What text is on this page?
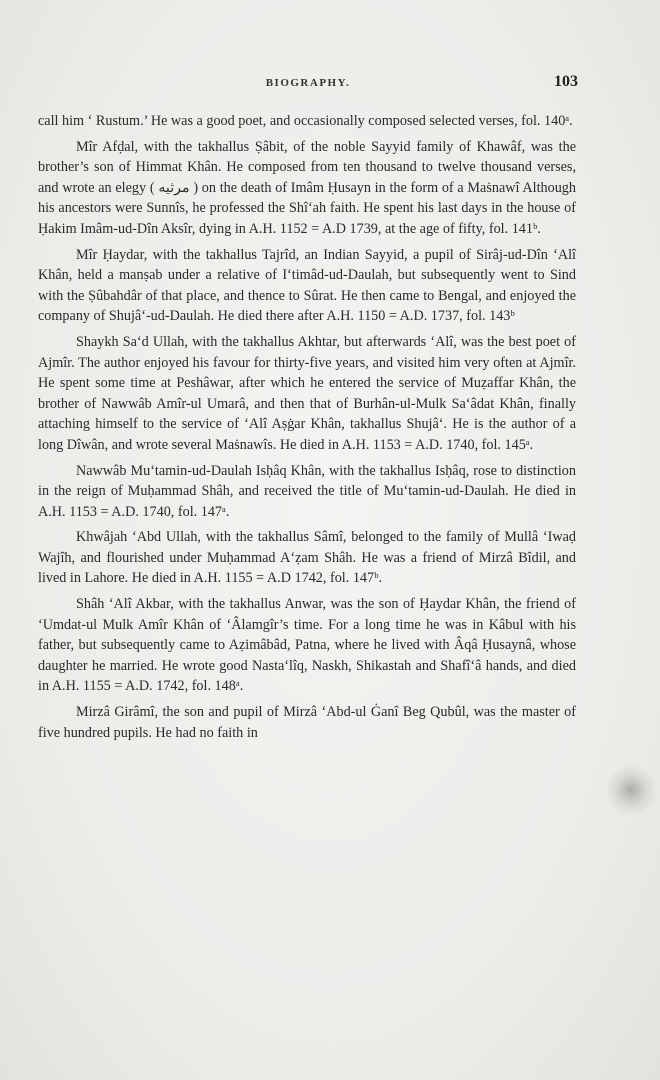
BIOGRAPHY.	103

call him ‘ Rustum.’ He was a good poet, and occasionally composed selected verses, fol. 140ᵃ.

Mîr Afḍal, with the takhallus Ṣâbit, of the noble Sayyid family of Khawâf, was the brother’s son of Himmat Khân. He composed from ten thousand to twelve thousand verses, and wrote an elegy ( مرثيه ) on the death of Imâm Ḥusayn in the form of a Maṡnawî Although his ancestors were Sunnîs, he professed the Shî‘ah faith. He spent his last days in the house of Ḥakim Imâm-ud-Dîn Aksîr, dying in A.H. 1152 = A.D 1739, at the age of fifty, fol. 141ᵇ.

Mîr Ḥaydar, with the takhallus Tajrîd, an Indian Sayyid, a pupil of Sirâj-ud-Dîn ‘Alî Khân, held a manṣab under a relative of I‘timâd-ud-Daulah, but subsequently went to Sind with the Ṣûbahdâr of that place, and thence to Sûrat. He then came to Bengal, and enjoyed the company of Shujâ‘-ud-Daulah. He died there after A.H. 1150 = A.D. 1737, fol. 143ᵇ

Shaykh Sa‘d Ullah, with the takhallus Akhtar, but afterwards ‘Alî, was the best poet of Ajmîr. The author enjoyed his favour for thirty-five years, and visited him very often at Ajmîr. He spent some time at Peshâwar, after which he entered the service of Muẓaffar Khân, the brother of Nawwâb Amîr-ul Umarâ, and then that of Burhân-ul-Mulk Sa‘âdat Khân, finally attaching himself to the service of ‘Alî Aṣġar Khân, takhallus Shujâ‘. He is the author of a long Dîwân, and wrote several Maṡnawîs. He died in A.H. 1153 = A.D. 1740, fol. 145ᵃ.

Nawwâb Mu‘tamin-ud-Daulah Isḥâq Khân, with the takhallus Isḥâq, rose to distinction in the reign of Muḥammad Shâh, and received the title of Mu‘tamin-ud-Daulah. He died in A.H. 1153 = A.D. 1740, fol. 147ᵃ.

Khwâjah ‘Abd Ullah, with the takhallus Sâmî, belonged to the family of Mullâ ‘Iwaḍ Wajîh, and flourished under Muḥammad A‘ẓam Shâh. He was a friend of Mirzâ Bîdil, and lived in Lahore. He died in A.H. 1155 = A.D 1742, fol. 147ᵇ.

Shâh ‘Alî Akbar, with the takhallus Anwar, was the son of Ḥaydar Khân, the friend of ‘Umdat-ul Mulk Amîr Khân of ‘Âlamgîr’s time. For a long time he was in Kâbul with his father, but subsequently came to Aẓimâbâd, Patna, where he lived with Âqâ Ḥusaynâ, whose daughter he married. He wrote good Nasta‘lîq, Naskh, Shikastah and Shafî‘â hands, and died in A.H. 1155 = A.D. 1742, fol. 148ᵃ.

Mirzâ Girâmî, the son and pupil of Mirzâ ‘Abd-ul Ġanî Beg Qubûl, was the master of five hundred pupils. He had no faith in
